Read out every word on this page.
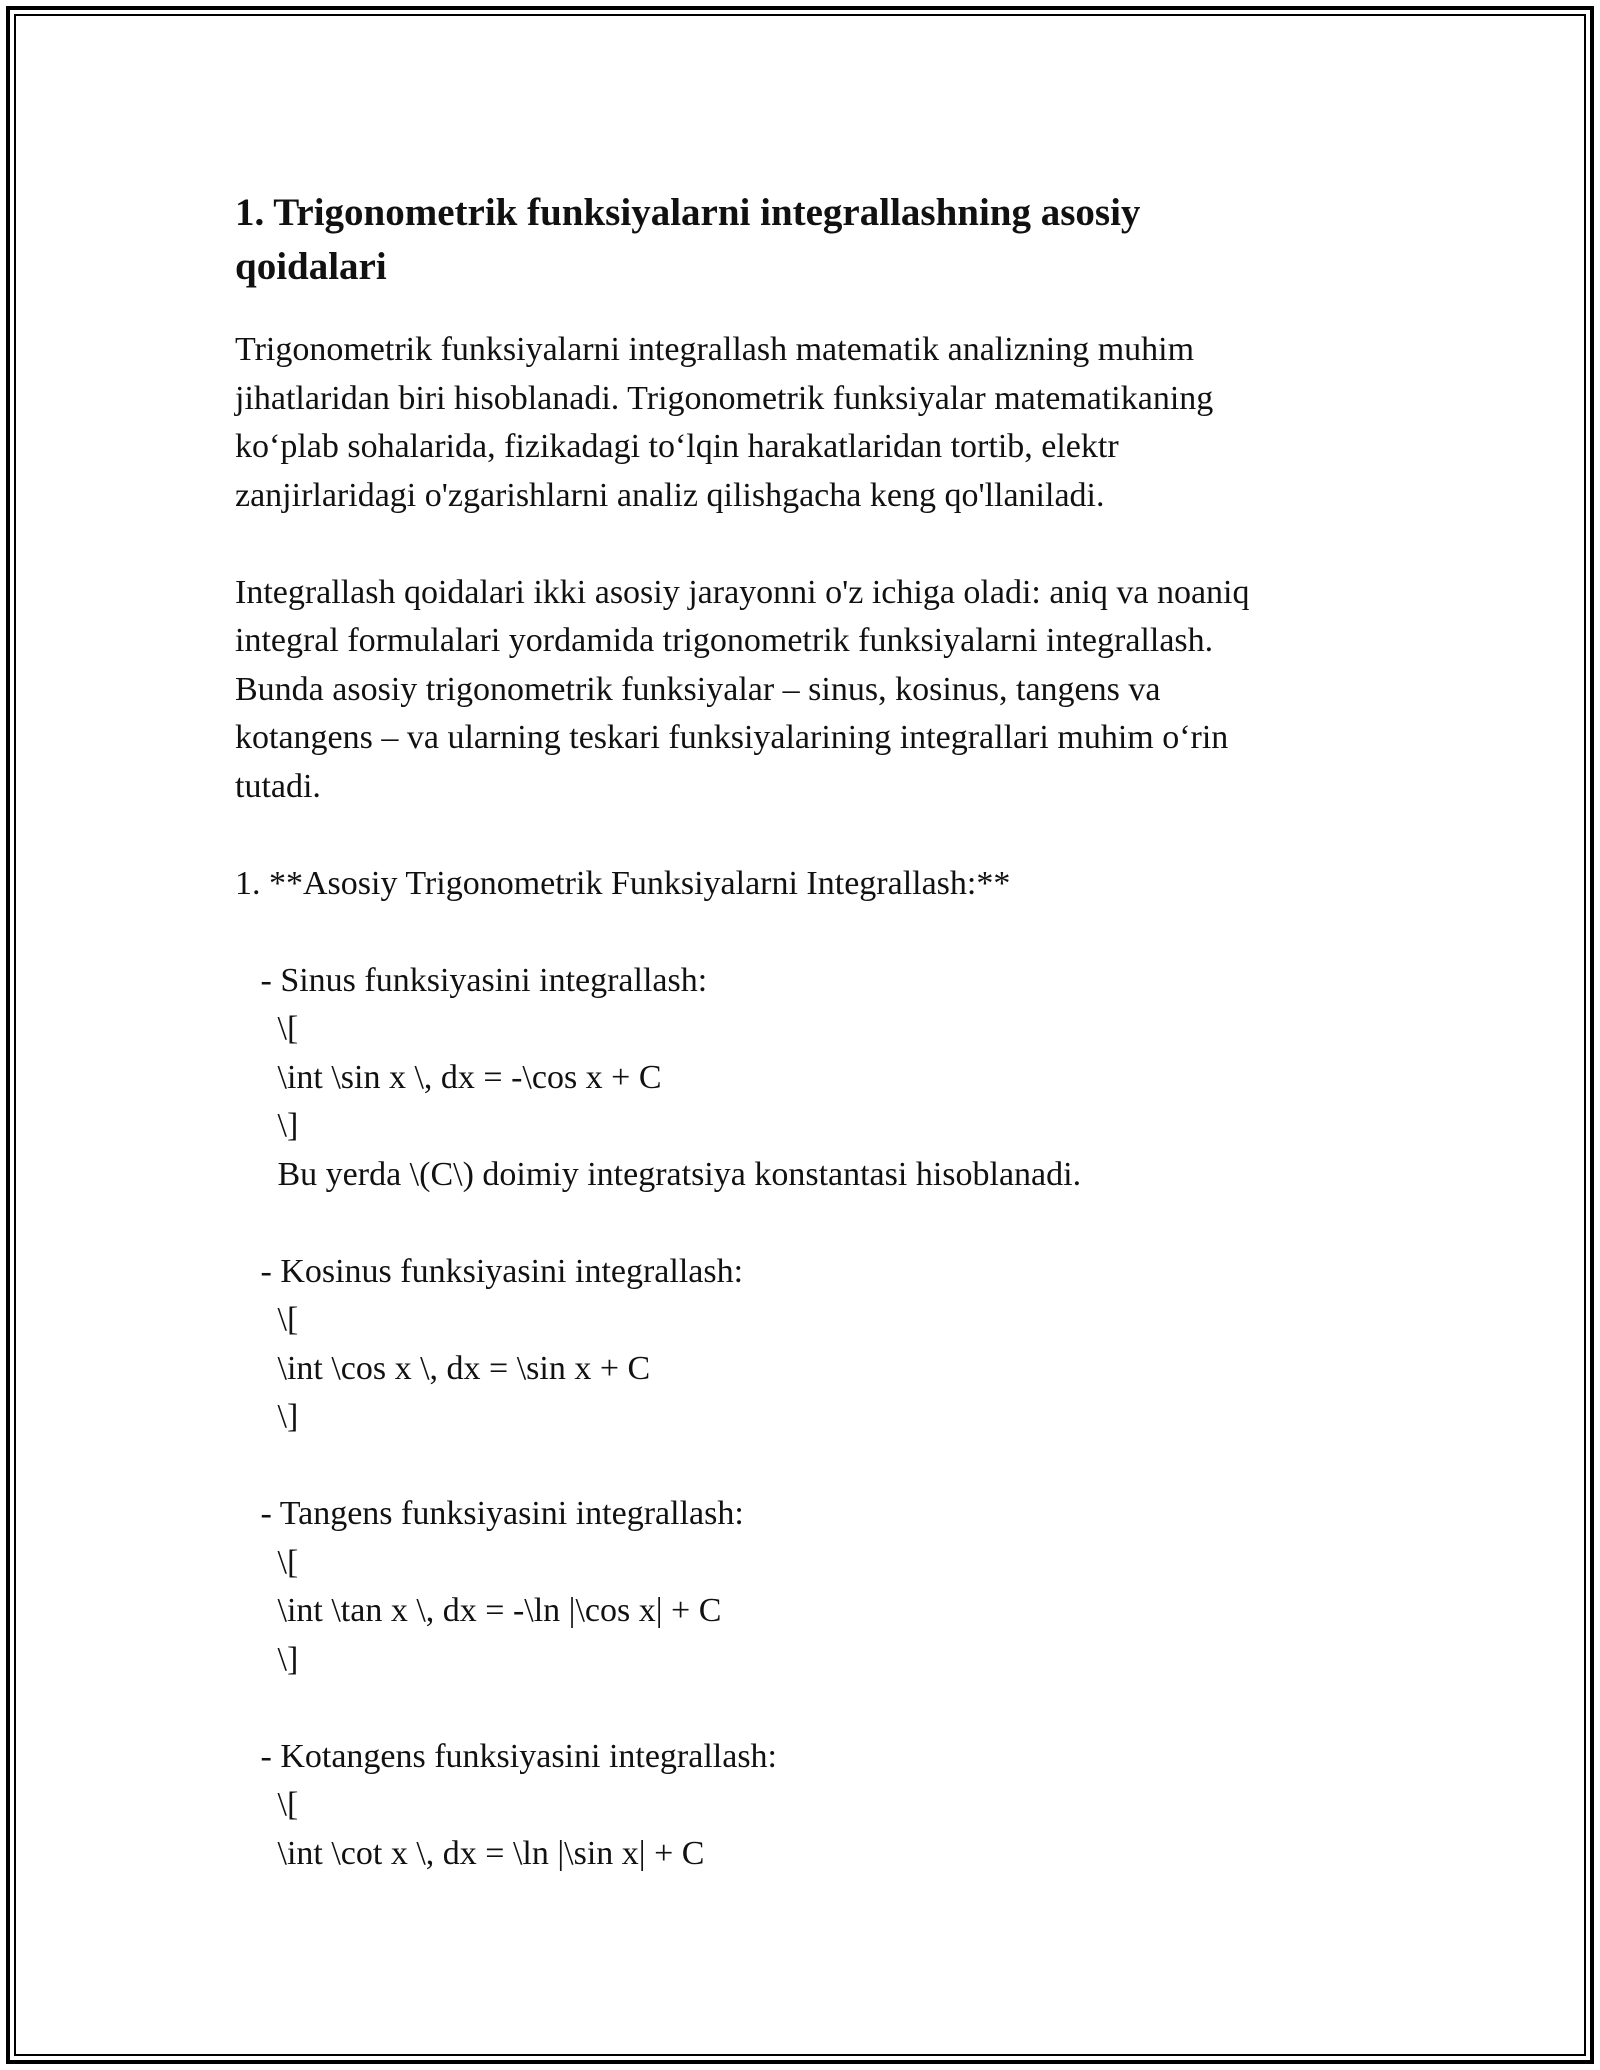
1. Trigonometrik funksiyalarni integrallashning asosiy
qoidalari
Trigonometrik funksiyalarni integrallash matematik analizning muhim
jihatlaridan biri hisoblanadi. Trigonometrik funksiyalar matematikaning
ko‘plab sohalarida, fizikadagi to‘lqin harakatlaridan tortib, elektr
zanjirlaridagi o'zgarishlarni analiz qilishgacha keng qo'llaniladi.
Integrallash qoidalari ikki asosiy jarayonni o'z ichiga oladi: aniq va noaniq
integral formulalari yordamida trigonometrik funksiyalarni integrallash.
Bunda asosiy trigonometrik funksiyalar – sinus, kosinus, tangens va
kotangens – va ularning teskari funksiyalarining integrallari muhim o‘rin
tutadi.
1. **Asosiy Trigonometrik Funksiyalarni Integrallash:**
- Sinus funksiyasini integrallash:
\[
\int \sin x \, dx = -\cos x + C
\]
Bu yerda \(C\) doimiy integratsiya konstantasi hisoblanadi.
- Kosinus funksiyasini integrallash:
\[
\int \cos x \, dx = \sin x + C
\]
- Tangens funksiyasini integrallash:
\[
\int \tan x \, dx = -\ln |\cos x| + C
\]
- Kotangens funksiyasini integrallash:
\[
\int \cot x \, dx = \ln |\sin x| + C
